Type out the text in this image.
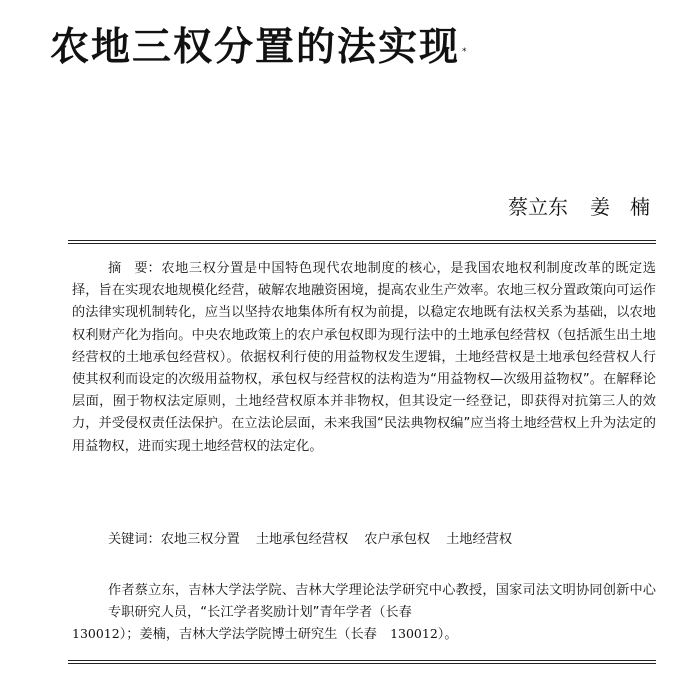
农地三权分置的法实现 *
蔡立东 姜　楠

摘　要：农地三权分置是中国特色现代农地制度的核心，是我国农地权利制度改革的既定选择，旨在实现农地规模化经营，破解农地融资困境，提高农业生产效率。农地三权分置政策向可运作的法律实现机制转化，应当以坚持农地集体所有权为前提，以稳定农地既有法权关系为基础，以农地权利财产化为指向。中央农地政策上的农户承包权即为现行法中的土地承包经营权（包括派生出土地经营权的土地承包经营权）。依据权利行使的用益物权发生逻辑，土地经营权是土地承包经营权人行使其权利而设定的次级用益物权，承包权与经营权的法构造为“用益物权—次级用益物权”。在解释论层面，囿于物权法定原则，土地经营权原本并非物权，但其设定一经登记，即获得对抗第三人的效力，并受侵权责任法保护。在立法论层面，未来我国“民法典物权编”应当将土地经营权上升为法定的用益物权，进而实现土地经营权的法定化。

关键词：农地三权分置 土地承包经营权 农户承包权 土地经营权

作者蔡立东，吉林大学法学院、吉林大学理论法学研究中心教授，国家司法文明协同创新中心专职研究人员，“长江学者奖励计划”青年学者（长春　130012）；姜楠，吉林大学法学院博士研究生（长春　130012）。
